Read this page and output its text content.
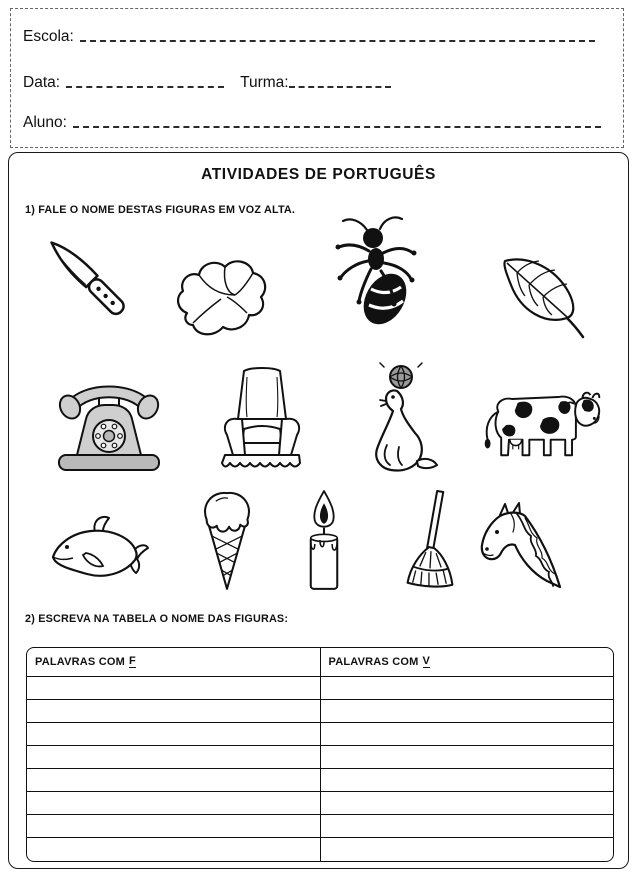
Escola:
Data:	Turma:
Aluno:
ATIVIDADES DE PORTUGUÊS
1) FALE O NOME DESTAS FIGURAS EM VOZ ALTA.
2) ESCREVA NA TABELA O NOME DAS FIGURAS:
PALAVRAS COM F	PALAVRAS COM V
